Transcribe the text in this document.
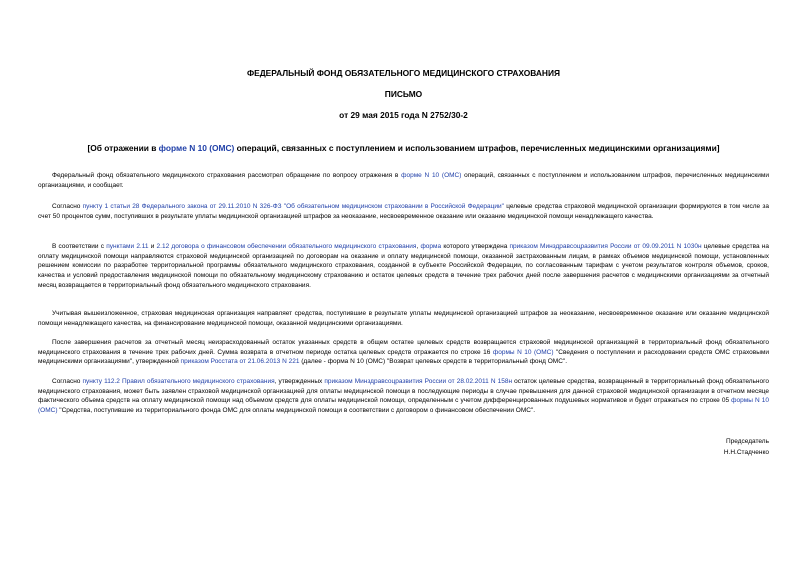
ФЕДЕРАЛЬНЫЙ ФОНД ОБЯЗАТЕЛЬНОГО МЕДИЦИНСКОГО СТРАХОВАНИЯ
ПИСЬМО
от 29 мая 2015 года N 2752/30-2
[Об отражении в форме N 10 (ОМС) операций, связанных с поступлением и использованием штрафов, перечисленных медицинскими организациями]
Федеральный фонд обязательного медицинского страхования рассмотрел обращение по вопросу отражения в форме N 10 (ОМС) операций, связанных с поступлением и использованием штрафов, перечисленных медицинскими организациями, и сообщает.
Согласно пункту 1 статьи 28 Федерального закона от 29.11.2010 N 326-ФЗ "Об обязательном медицинском страховании в Российской Федерации" целевые средства страховой медицинской организации формируются в том числе за счет 50 процентов сумм, поступивших в результате уплаты медицинской организацией штрафов за неоказание, несвоевременное оказание или оказание медицинской помощи ненадлежащего качества.
В соответствии с пунктами 2.11 и 2.12 договора о финансовом обеспечении обязательного медицинского страхования, форма которого утверждена приказом Минздравсоцразвития России от 09.09.2011 N 1030н целевые средства на оплату медицинской помощи направляются страховой медицинской организацией по договорам на оказание и оплату медицинской помощи, оказанной застрахованным лицам, в рамках объемов медицинской помощи, установленных решением комиссии по разработке территориальной программы обязательного медицинского страхования, созданной в субъекте Российской Федерации, по согласованным тарифам с учетом результатов контроля объемов, сроков, качества и условий предоставления медицинской помощи по обязательному медицинскому страхованию и остаток целевых средств в течение трех рабочих дней после завершения расчетов с медицинскими организациями за отчетный месяц возвращается в территориальный фонд обязательного медицинского страхования.
Учитывая вышеизложенное, страховая медицинская организация направляет средства, поступившие в результате уплаты медицинской организацией штрафов за неоказание, несвоевременное оказание или оказание медицинской помощи ненадлежащего качества, на финансирование медицинской помощи, оказанной медицинскими организациями.
После завершения расчетов за отчетный месяц неизрасходованный остаток указанных средств в общем остатке целевых средств возвращается страховой медицинской организацией в территориальный фонд обязательного медицинского страхования в течение трех рабочих дней. Сумма возврата в отчетном периоде остатка целевых средств отражается по строке 16 формы N 10 (ОМС) "Сведения о поступлении и расходовании средств ОМС страховыми медицинскими организациями", утвержденной приказом Росстата от 21.06.2013 N 221 (далее - форма N 10 (ОМС) "Возврат целевых средств в территориальный фонд ОМС".
Согласно пункту 112.2 Правил обязательного медицинского страхования, утвержденных приказом Минздравсоцразвития России от 28.02.2011 N 158н остаток целевые средства, возвращенный в территориальный фонд обязательного медицинского страхования, может быть заявлен страховой медицинской организацией для оплаты медицинской помощи в последующие периоды в случае превышения для данной страховой медицинской организации в отчетном месяце фактического объема средств на оплату медицинской помощи над объемом средств для оплаты медицинской помощи, определенным с учетом дифференцированных подушевых нормативов и будет отражаться по строке 05 формы N 10 (ОМС) "Средства, поступившие из территориального фонда ОМС для оплаты медицинской помощи в соответствии с договором о финансовом обеспечении ОМС".
Председатель
Н.Н.Стадченко
